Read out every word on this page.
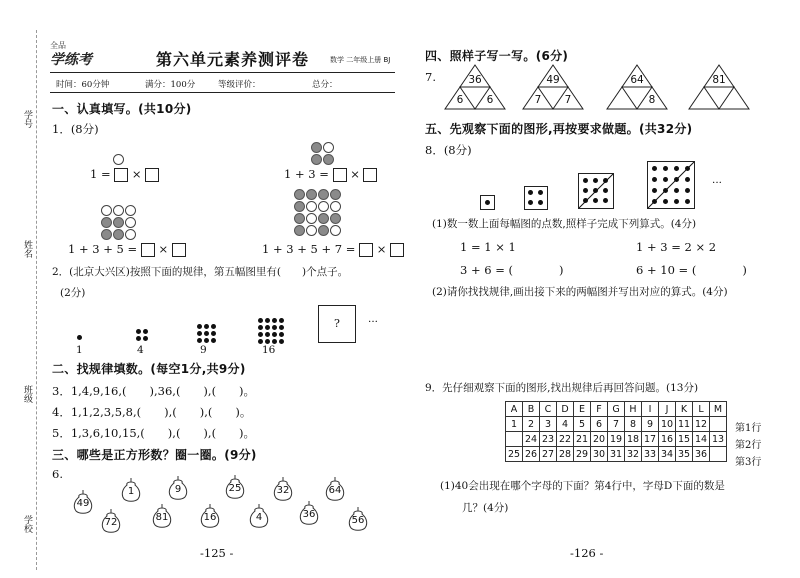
学号
姓名
班级
学校
全品
学练考	第六单元素养测评卷	数学 二年级上册 BJ
时间：60分钟	满分：100分	等级评价：	总分：
一、认真填写。(共10分)
1．(8分)
1 = ×	1 + 3 = ×
1 + 3 + 5 = ×	1 + 3 + 5 + 7 = ×
2．(北京大兴区)按照下面的规律，第五幅图里有(　　)个点子。
(2分)
1	4	9	16
?	···
二、找规律填数。(每空1分,共9分)
3．1,4,9,16,(　　),36,(　　),(　　)。
4．1,1,2,3,5,8,(　　),(　　),(　　)。
5．1,3,6,10,15,(　　),(　　),(　　)。
三、哪些是正方形数？圈一圈。(9分)
6.
49
1	9	25	32	64
72	81	16	4	36
56
-125 -
四、照样子写一写。(6分)
7.	36
6	6
49
7	7
64
8
81
五、先观察下面的图形,再按要求做题。(共32分)
8．(8分)
···
(1)数一数上面每幅图的点数,照样子完成下列算式。(4分)
1 = 1 × 1	1 + 3 = 2 × 2
3 + 6 = (　　　　)	6 + 10 = (　　　　)
(2)请你找找规律,画出接下来的两幅图并写出对应的算式。(4分)
9．先仔细观察下面的图形,找出规律后再回答问题。(13分)
A	B	C	D	E	F	G	H	I	J	K	L	M
1	2	3	4	5	6	7	8	9	10	11	12	
	24	23	22	21	20	19	18	17	16	15	14	13
25	26	27	28	29	30	31	32	33	34	35	36	
第1行
第2行
第3行
(1)40会出现在哪个字母的下面？第4行中，字母D下面的数是
几？(4分)
-126 -
